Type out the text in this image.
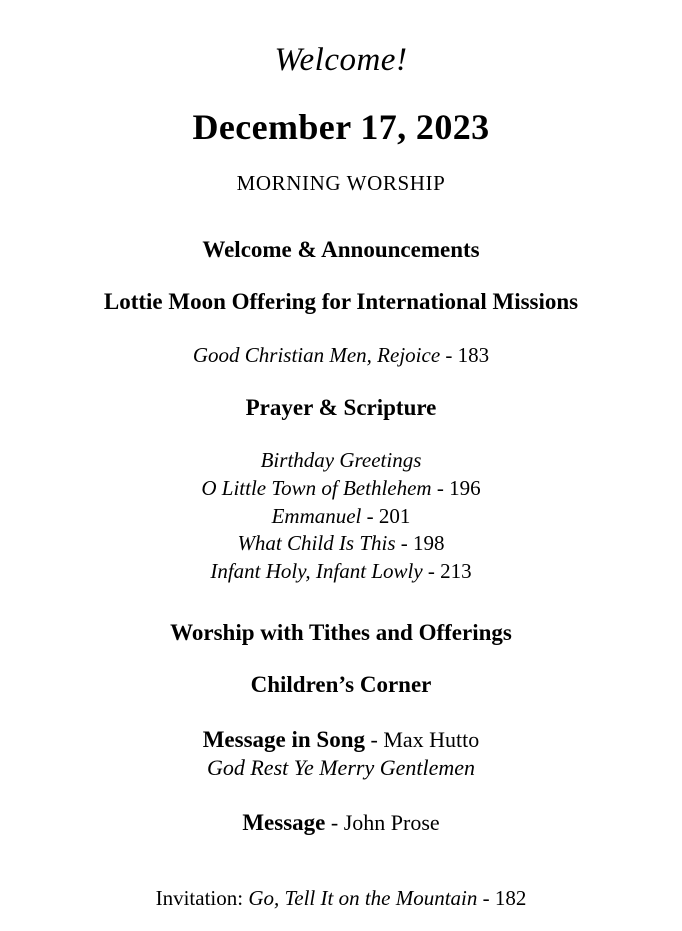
Welcome!
December 17, 2023
MORNING WORSHIP
Welcome & Announcements
Lottie Moon Offering for International Missions
Good Christian Men, Rejoice - 183
Prayer & Scripture
Birthday Greetings
O Little Town of Bethlehem - 196
Emmanuel - 201
What Child Is This - 198
Infant Holy, Infant Lowly - 213
Worship with Tithes and Offerings
Children’s Corner
Message in Song - Max Hutto
God Rest Ye Merry Gentlemen
Message - John Prose
Invitation: Go, Tell It on the Mountain - 182
